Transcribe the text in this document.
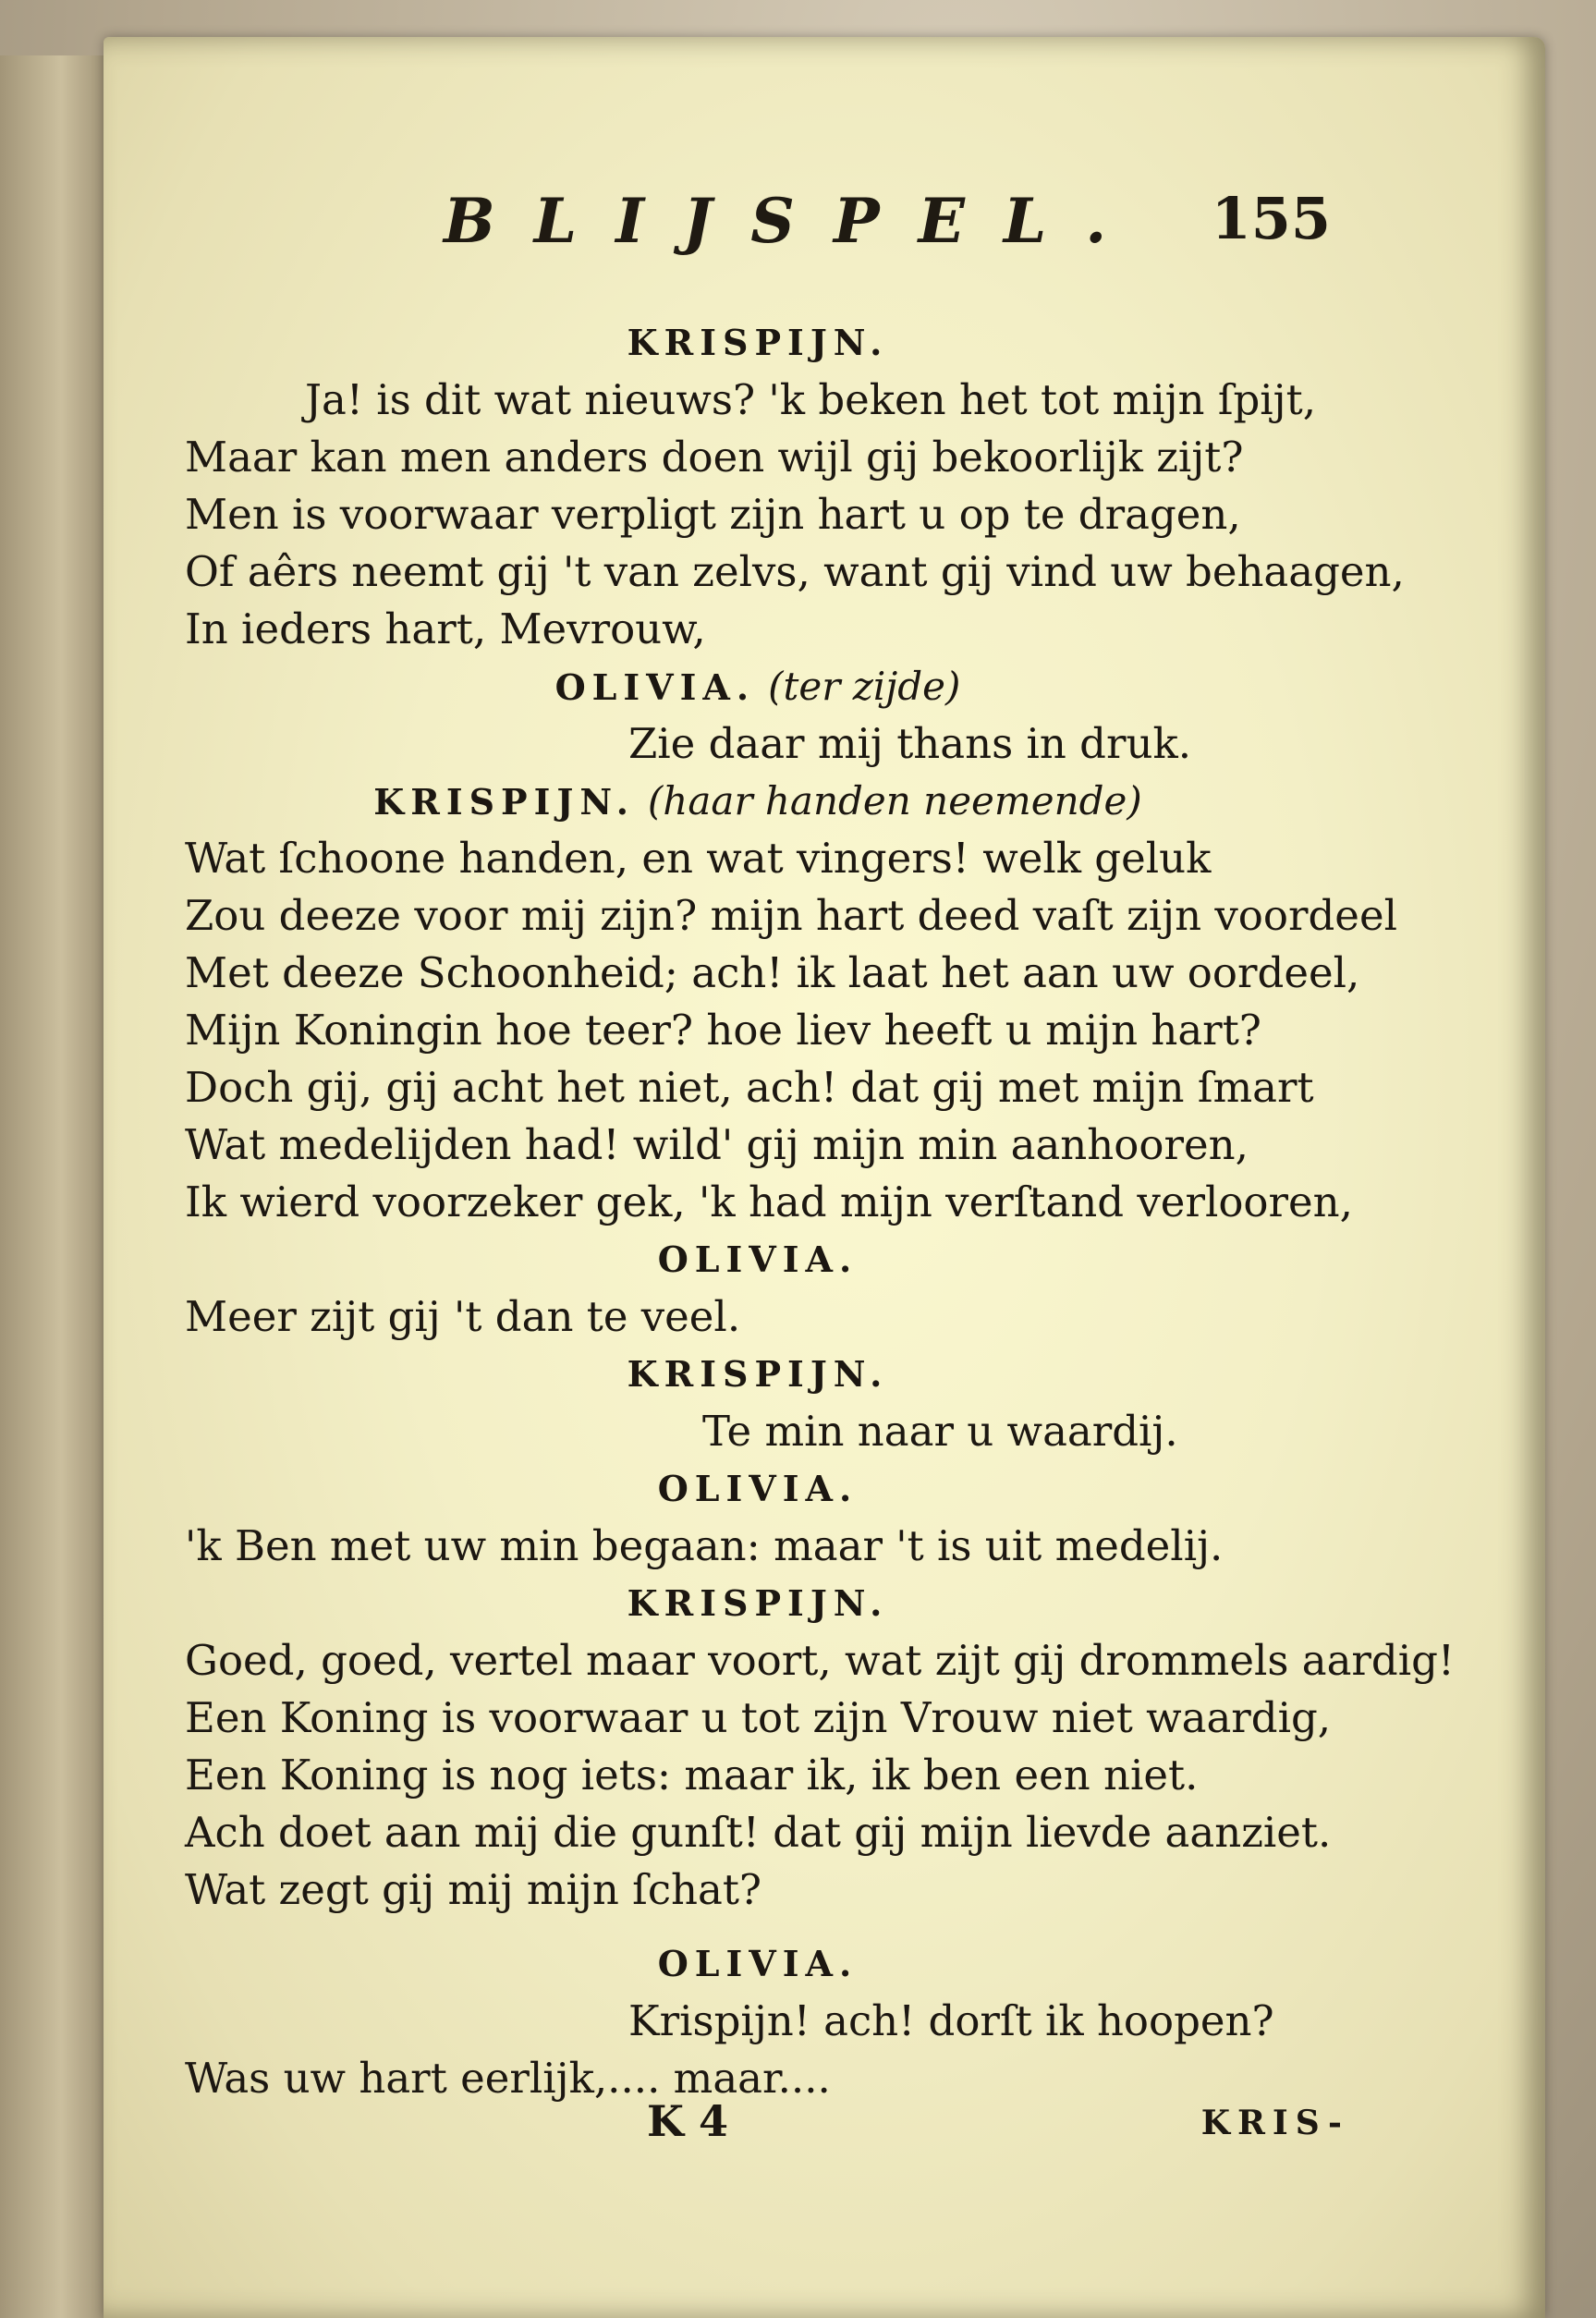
BLIJSPEL. 155
KRISPIJN.
Ja! is dit wat nieuws? 'k beken het tot mijn ſpijt,
Maar kan men anders doen wijl gij bekoorlijk zijt?
Men is voorwaar verpligt zijn hart u op te dragen,
Of aêrs neemt gij 't van zelvs, want gij vind uw behaagen,
In ieders hart, Mevrouw,
OLIVIA. (ter zijde)
Zie daar mij thans in druk.
KRISPIJN. (haar handen neemende)
Wat ſchoone handen, en wat vingers! welk geluk
Zou deeze voor mij zijn? mijn hart deed vaſt zijn voordeel
Met deeze Schoonheid; ach! ik laat het aan uw oordeel,
Mijn Koningin hoe teer? hoe liev heeft u mijn hart?
Doch gij, gij acht het niet, ach! dat gij met mijn ſmart
Wat medelijden had! wild' gij mijn min aanhooren,
Ik wierd voorzeker gek, 'k had mijn verſtand verlooren,
OLIVIA.
Meer zijt gij 't dan te veel.
KRISPIJN.
Te min naar u waardij.
OLIVIA.
'k Ben met uw min begaan: maar 't is uit medelij.
KRISPIJN.
Goed, goed, vertel maar voort, wat zijt gij drommels aardig!
Een Koning is voorwaar u tot zijn Vrouw niet waardig,
Een Koning is nog iets: maar ik, ik ben een niet.
Ach doet aan mij die gunſt! dat gij mijn lievde aanziet.
Wat zegt gij mij mijn ſchat?
OLIVIA.
Krispijn! ach! dorſt ik hoopen?
Was uw hart eerlijk,.... maar....
K 4	KRIS-
